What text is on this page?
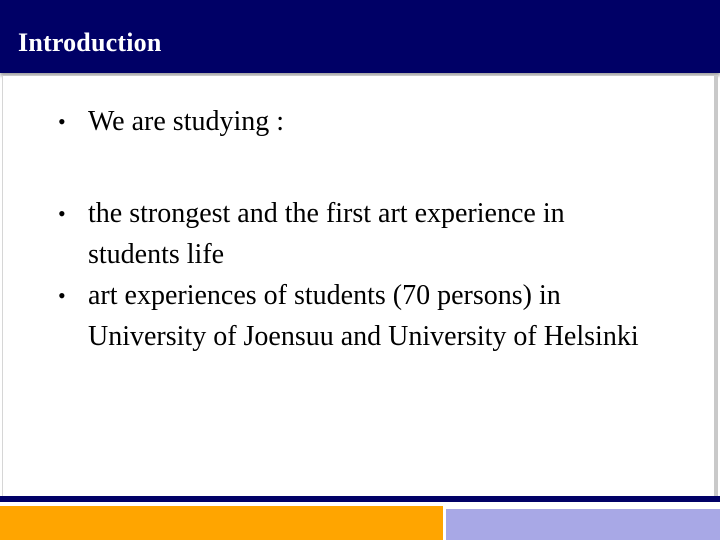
Introduction
• We are studying :
• the strongest and the first art experience in students life
• art experiences of students (70 persons) in University of Joensuu and University of Helsinki
